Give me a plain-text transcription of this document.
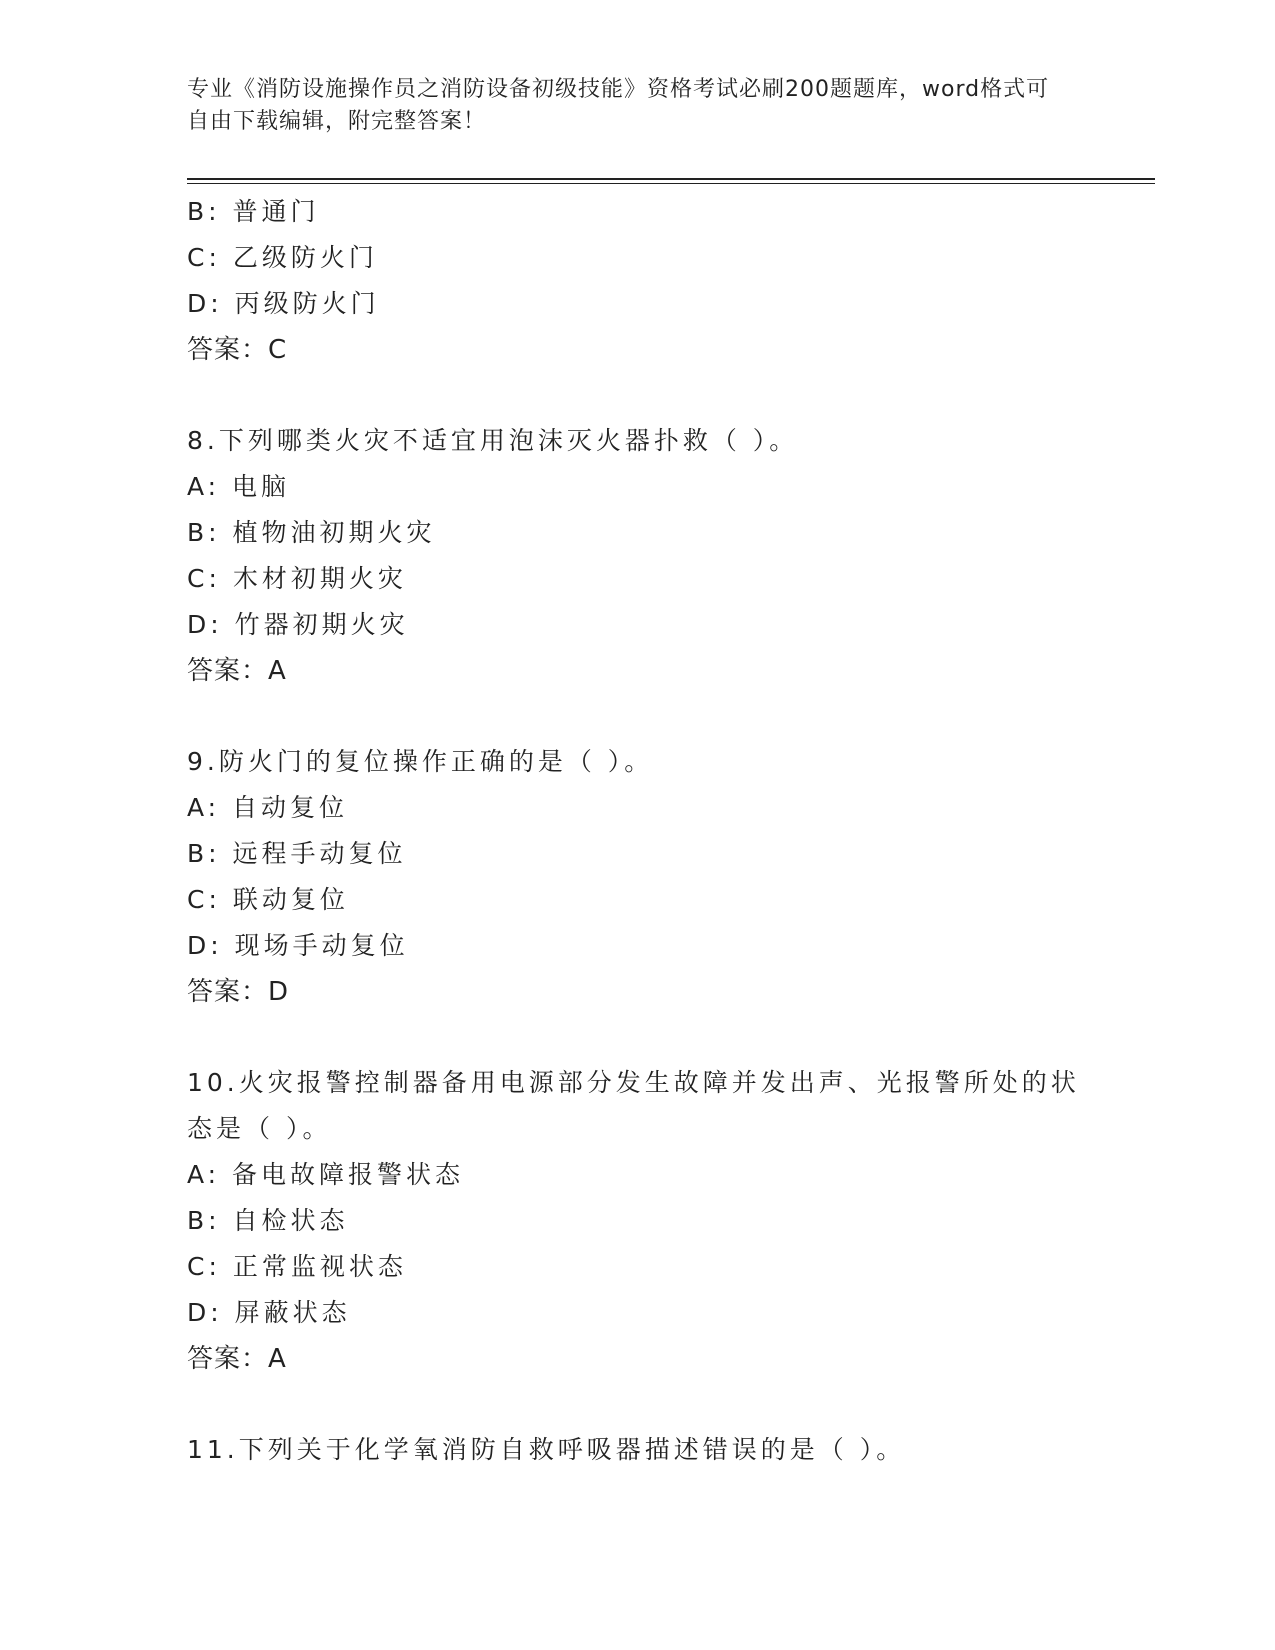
专业《消防设施操作员之消防设备初级技能》资格考试必刷200题题库，word格式可自由下载编辑，附完整答案！
B: 普通门
C: 乙级防火门
D: 丙级防火门
答案：C
8.下列哪类火灾不适宜用泡沫灭火器扑救（ ）。
A: 电脑
B: 植物油初期火灾
C: 木材初期火灾
D: 竹器初期火灾
答案：A
9.防火门的复位操作正确的是（ ）。
A: 自动复位
B: 远程手动复位
C: 联动复位
D: 现场手动复位
答案：D
10.火灾报警控制器备用电源部分发生故障并发出声、光报警所处的状
态是（ ）。
A: 备电故障报警状态
B: 自检状态
C: 正常监视状态
D: 屏蔽状态
答案：A
11.下列关于化学氧消防自救呼吸器描述错误的是（ ）。
